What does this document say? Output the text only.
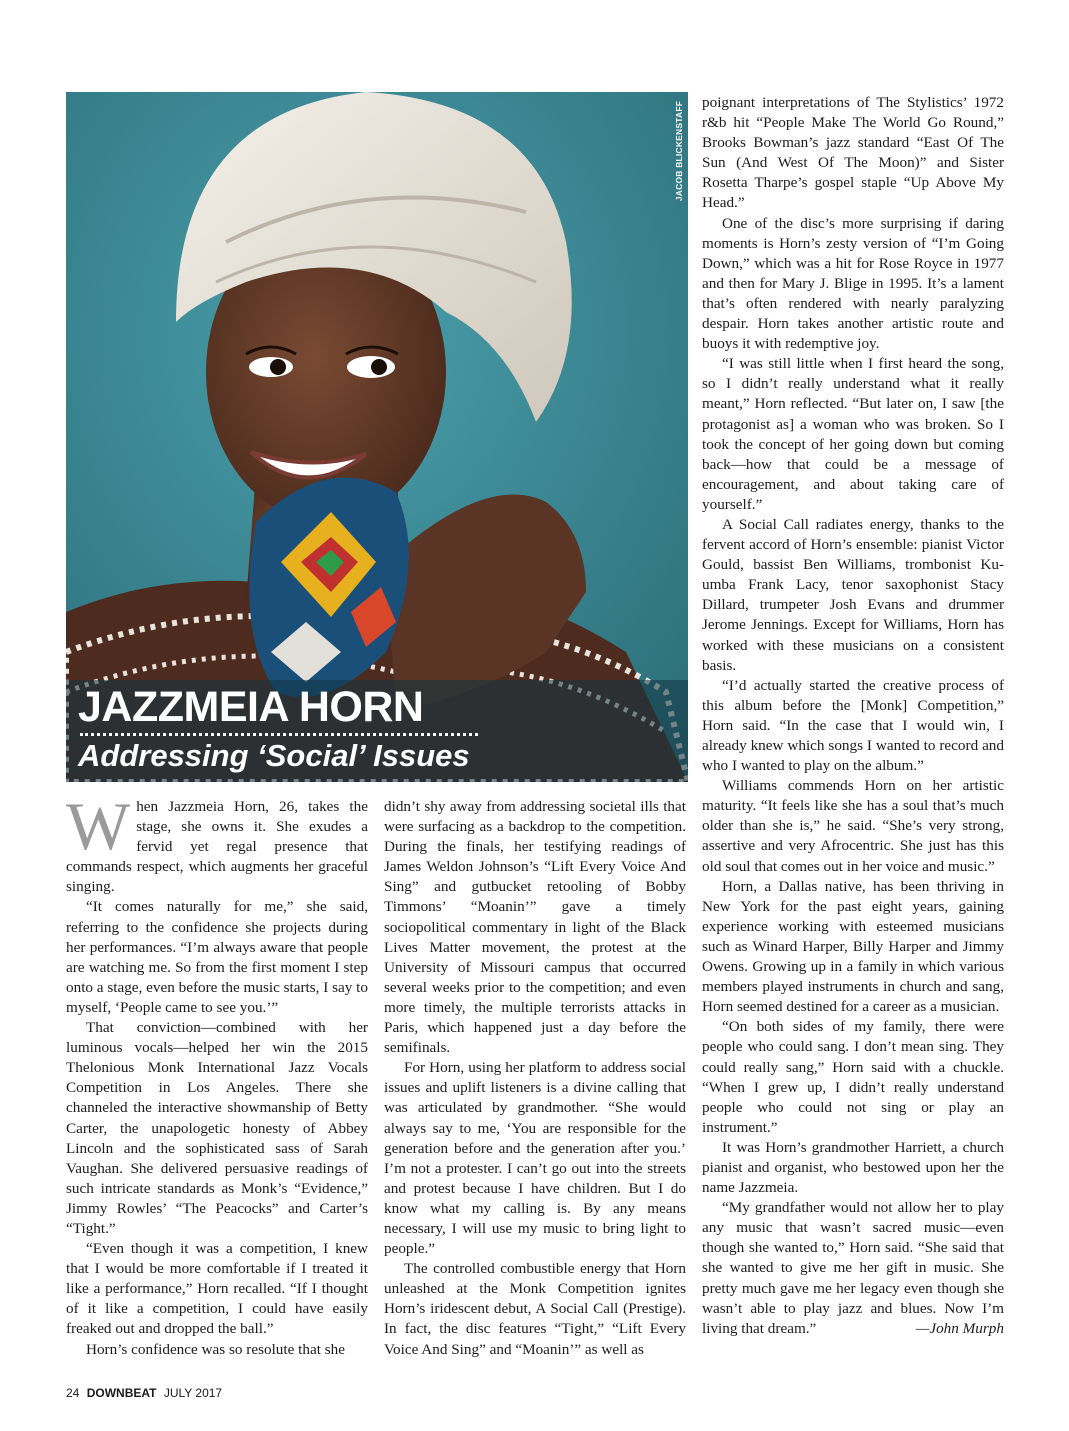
JACOB BLICKENSTAFF
JAZZMEIA HORN
Addressing ‘Social’ Issues

When Jazzmeia Horn, 26, takes the stage, she owns it. She exudes a fervid yet regal presence that commands respect, which augments her graceful singing.

“It comes naturally for me,” she said, referring to the confidence she projects during her performances. “I’m always aware that people are watching me. So from the first moment I step onto a stage, even before the music starts, I say to myself, ‘People came to see you.’”

That conviction—combined with her luminous vocals—helped her win the 2015 Thelonious Monk International Jazz Vocals Competition in Los Angeles. There she channeled the interactive showmanship of Betty Carter, the unapologetic honesty of Abbey Lincoln and the sophisticated sass of Sarah Vaughan. She delivered persuasive readings of such intricate standards as Monk’s “Evidence,” Jimmy Rowles’ “The Peacocks” and Carter’s “Tight.”

“Even though it was a competition, I knew that I would be more comfortable if I treated it like a performance,” Horn recalled. “If I thought of it like a competition, I could have easily freaked out and dropped the ball.”

Horn’s confidence was so resolute that she

didn’t shy away from addressing societal ills that were surfacing as a backdrop to the competition. During the finals, her testifying readings of James Weldon Johnson’s “Lift Every Voice And Sing” and gutbucket retooling of Bobby Timmons’ “Moanin’” gave a timely sociopolitical commentary in light of the Black Lives Matter movement, the protest at the University of Missouri campus that occurred several weeks prior to the competition; and even more timely, the multiple terrorists attacks in Paris, which happened just a day before the semifinals.

For Horn, using her platform to address social issues and uplift listeners is a divine calling that was articulated by grandmother. “She would always say to me, ‘You are responsible for the generation before and the generation after you.’ I’m not a protester. I can’t go out into the streets and protest because I have children. But I do know what my calling is. By any means necessary, I will use my music to bring light to people.”

The controlled combustible energy that Horn unleashed at the Monk Competition ignites Horn’s iridescent debut, A Social Call (Prestige). In fact, the disc features “Tight,” “Lift Every Voice And Sing” and “Moanin’” as well as

poignant interpretations of The Stylistics’ 1972 r&b hit “People Make The World Go Round,” Brooks Bowman’s jazz standard “East Of The Sun (And West Of The Moon)” and Sister Rosetta Tharpe’s gospel staple “Up Above My Head.”

One of the disc’s more surprising if daring moments is Horn’s zesty version of “I’m Going Down,” which was a hit for Rose Royce in 1977 and then for Mary J. Blige in 1995. It’s a lament that’s often rendered with nearly paralyzing despair. Horn takes another artistic route and buoys it with redemptive joy.

“I was still little when I first heard the song, so I didn’t really understand what it really meant,” Horn reflected. “But later on, I saw [the protagonist as] a woman who was broken. So I took the concept of her going down but coming back—how that could be a message of encouragement, and about taking care of yourself.”

A Social Call radiates energy, thanks to the fervent accord of Horn’s ensemble: pianist Victor Gould, bassist Ben Williams, trombonist Ku-umba Frank Lacy, tenor saxophonist Stacy Dillard, trumpeter Josh Evans and drummer Jerome Jennings. Except for Williams, Horn has worked with these musicians on a consistent basis.

“I’d actually started the creative process of this album before the [Monk] Competition,” Horn said. “In the case that I would win, I already knew which songs I wanted to record and who I wanted to play on the album.”

Williams commends Horn on her artistic maturity. “It feels like she has a soul that’s much older than she is,” he said. “She’s very strong, assertive and very Afrocentric. She just has this old soul that comes out in her voice and music.”

Horn, a Dallas native, has been thriving in New York for the past eight years, gaining experience working with esteemed musicians such as Winard Harper, Billy Harper and Jimmy Owens. Growing up in a family in which various members played instruments in church and sang, Horn seemed destined for a career as a musician.

“On both sides of my family, there were people who could sang. I don’t mean sing. They could really sang,” Horn said with a chuckle. “When I grew up, I didn’t really understand people who could not sing or play an instrument.”

It was Horn’s grandmother Harriett, a church pianist and organist, who bestowed upon her the name Jazzmeia.

“My grandfather would not allow her to play any music that wasn’t sacred music—even though she wanted to,” Horn said. “She said that she wanted to give me her gift in music. She pretty much gave me her legacy even though she wasn’t able to play jazz and blues. Now I’m living that dream.”	—John Murph

24 DOWNBEAT JULY 2017
